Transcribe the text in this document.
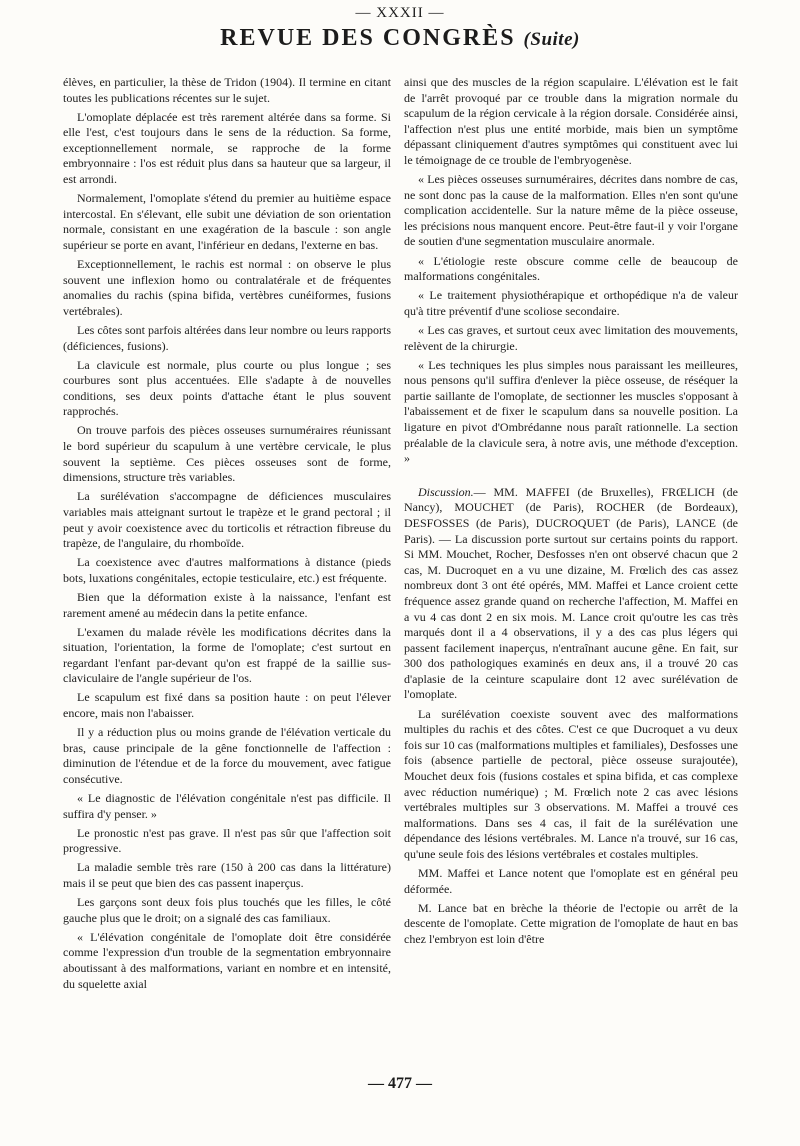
— XXXII —
REVUE DES CONGRÈS (Suite)

élèves, en particulier, la thèse de Tridon (1904). Il termine en citant toutes les publications récentes sur le sujet.

L'omoplate déplacée est très rarement altérée dans sa forme. Si elle l'est, c'est toujours dans le sens de la réduction. Sa forme, exceptionnellement normale, se rapproche de la forme embryonnaire : l'os est réduit plus dans sa hauteur que sa largeur, il est arrondi.

Normalement, l'omoplate s'étend du premier au huitième espace intercostal. En s'élevant, elle subit une déviation de son orientation normale, consistant en une exagération de la bascule : son angle supérieur se porte en avant, l'inférieur en dedans, l'externe en bas.

Exceptionnellement, le rachis est normal : on observe le plus souvent une inflexion homo ou contralatérale et de fréquentes anomalies du rachis (spina bifida, vertèbres cunéiformes, fusions vertébrales).

Les côtes sont parfois altérées dans leur nombre ou leurs rapports (déficiences, fusions).

La clavicule est normale, plus courte ou plus longue ; ses courbures sont plus accentuées. Elle s'adapte à de nouvelles conditions, ses deux points d'attache étant le plus souvent rapprochés.

On trouve parfois des pièces osseuses surnuméraires réunissant le bord supérieur du scapulum à une vertèbre cervicale, le plus souvent la septième. Ces pièces osseuses sont de forme, dimensions, structure très variables.

La surélévation s'accompagne de déficiences musculaires variables mais atteignant surtout le trapèze et le grand pectoral ; il peut y avoir coexistence avec du torticolis et rétraction fibreuse du trapèze, de l'angulaire, du rhomboïde.

La coexistence avec d'autres malformations à distance (pieds bots, luxations congénitales, ectopie testiculaire, etc.) est fréquente.

Bien que la déformation existe à la naissance, l'enfant est rarement amené au médecin dans la petite enfance.

L'examen du malade révèle les modifications décrites dans la situation, l'orientation, la forme de l'omoplate; c'est surtout en regardant l'enfant par-devant qu'on est frappé de la saillie sus-claviculaire de l'angle supérieur de l'os.

Le scapulum est fixé dans sa position haute : on peut l'élever encore, mais non l'abaisser.

Il y a réduction plus ou moins grande de l'élévation verticale du bras, cause principale de la gêne fonctionnelle de l'affection : diminution de l'étendue et de la force du mouvement, avec fatigue consécutive.

« Le diagnostic de l'élévation congénitale n'est pas difficile. Il suffira d'y penser. »

Le pronostic n'est pas grave. Il n'est pas sûr que l'affection soit progressive.

La maladie semble très rare (150 à 200 cas dans la littérature) mais il se peut que bien des cas passent inaperçus.

Les garçons sont deux fois plus touchés que les filles, le côté gauche plus que le droit; on a signalé des cas familiaux.

« L'élévation congénitale de l'omoplate doit être considérée comme l'expression d'un trouble de la segmentation embryonnaire aboutissant à des malformations, variant en nombre et en intensité, du squelette axial

ainsi que des muscles de la région scapulaire. L'élévation est le fait de l'arrêt provoqué par ce trouble dans la migration normale du scapulum de la région cervicale à la région dorsale. Considérée ainsi, l'affection n'est plus une entité morbide, mais bien un symptôme dépassant cliniquement d'autres symptômes qui constituent avec lui le témoignage de ce trouble de l'embryogenèse.

« Les pièces osseuses surnuméraires, décrites dans nombre de cas, ne sont donc pas la cause de la malformation. Elles n'en sont qu'une complication accidentelle. Sur la nature même de la pièce osseuse, les précisions nous manquent encore. Peut-être faut-il y voir l'organe de soutien d'une segmentation musculaire anormale.

« L'étiologie reste obscure comme celle de beaucoup de malformations congénitales.

« Le traitement physiothérapique et orthopédique n'a de valeur qu'à titre préventif d'une scoliose secondaire.

« Les cas graves, et surtout ceux avec limitation des mouvements, relèvent de la chirurgie.

« Les techniques les plus simples nous paraissant les meilleures, nous pensons qu'il suffira d'enlever la pièce osseuse, de réséquer la partie saillante de l'omoplate, de sectionner les muscles s'opposant à l'abaissement et de fixer le scapulum dans sa nouvelle position. La ligature en pivot d'Ombrédanne nous paraît rationnelle. La section préalable de la clavicule sera, à notre avis, une méthode d'exception. »

Discussion.— MM. MAFFEI (de Bruxelles), FRŒLICH (de Nancy), MOUCHET (de Paris), ROCHER (de Bordeaux), DESFOSSES (de Paris), DUCROQUET (de Paris), LANCE (de Paris). — La discussion porte surtout sur certains points du rapport. Si MM. Mouchet, Rocher, Desfosses n'en ont observé chacun que 2 cas, M. Ducroquet en a vu une dizaine, M. Frœlich des cas assez nombreux dont 3 ont été opérés, MM. Maffei et Lance croient cette fréquence assez grande quand on recherche l'affection, M. Maffei en a vu 4 cas dont 2 en six mois. M. Lance croit qu'outre les cas très marqués dont il a 4 observations, il y a des cas plus légers qui passent facilement inaperçus, n'entraînant aucune gêne. En fait, sur 300 dos pathologiques examinés en deux ans, il a trouvé 20 cas d'aplasie de la ceinture scapulaire dont 12 avec surélévation de l'omoplate.

La surélévation coexiste souvent avec des malformations multiples du rachis et des côtes. C'est ce que Ducroquet a vu deux fois sur 10 cas (malformations multiples et familiales), Desfosses une fois (absence partielle de pectoral, pièce osseuse surajoutée), Mouchet deux fois (fusions costales et spina bifida, et cas complexe avec réduction numérique) ; M. Frœlich note 2 cas avec lésions vertébrales multiples sur 3 observations. M. Maffei a trouvé ces malformations. Dans ses 4 cas, il fait de la surélévation une dépendance des lésions vertébrales. M. Lance n'a trouvé, sur 16 cas, qu'une seule fois des lésions vertébrales et costales multiples.

MM. Maffei et Lance notent que l'omoplate est en général peu déformée.

M. Lance bat en brèche la théorie de l'ectopie ou arrêt de la descente de l'omoplate. Cette migration de l'omoplate de haut en bas chez l'embryon est loin d'être

— 477 —
